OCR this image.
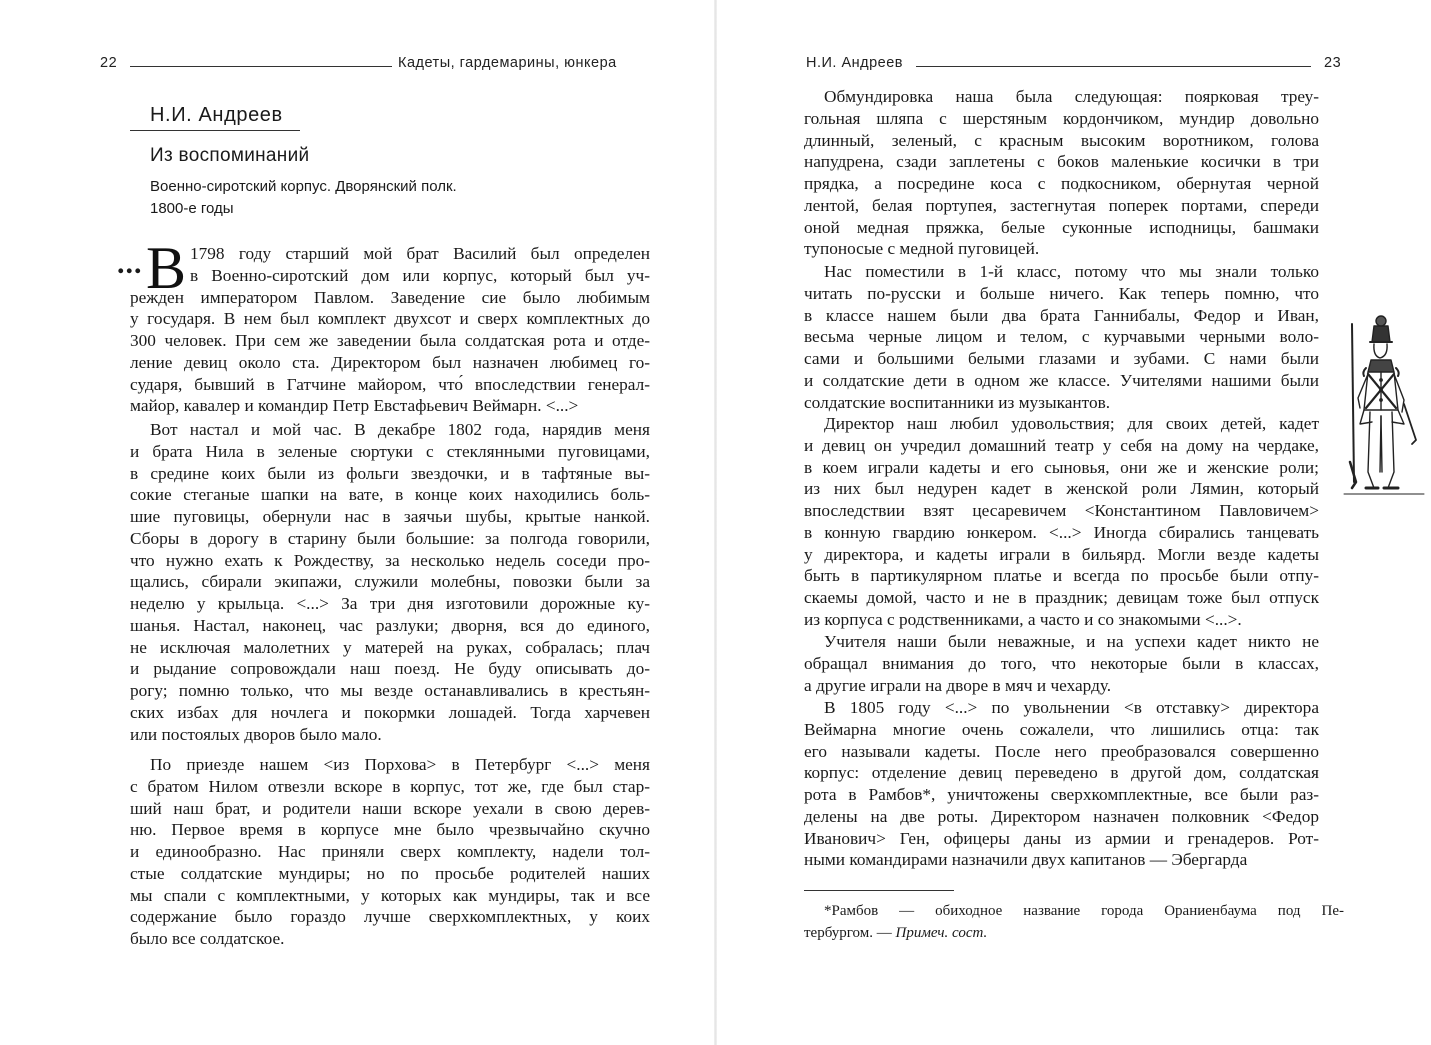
22	Кадеты, гардемарины, юнкера
Н.И. Андреев
Из воспоминаний
Военно-сиротский корпус. Дворянский полк.
1800-е годы
... В 1798 году старший мой брат Василий был определен
в Военно-сиротский дом или корпус, который был уч-
режден императором Павлом. Заведение сие было любимым
у государя. В нем был комплект двухсот и сверх комплектных до
300 человек. При сем же заведении была солдатская рота и отде-
ление девиц около ста. Директором был назначен любимец го-
сударя, бывший в Гатчине майором, что́ впоследствии генерал-
майор, кавалер и командир Петр Евстафьевич Веймарн. <...>
Вот настал и мой час. В декабре 1802 года, нарядив меня
и брата Нила в зеленые сюртуки с стеклянными пуговицами,
в средине коих были из фольги звездочки, и в тафтяные вы-
сокие стеганые шапки на вате, в конце коих находились боль-
шие пуговицы, обернули нас в заячьи шубы, крытые нанкой.
Сборы в дорогу в старину были большие: за полгода говорили,
что нужно ехать к Рождеству, за несколько недель соседи про-
щались, сбирали экипажи, служили молебны, повозки были за
неделю у крыльца. <...> За три дня изготовили дорожные ку-
шанья. Настал, наконец, час разлуки; дворня, вся до единого,
не исключая малолетних у матерей на руках, собралась; плач
и рыдание сопровождали наш поезд. Не буду описывать до-
рогу; помню только, что мы везде останавливались в крестьян-
ских избах для ночлега и покормки лошадей. Тогда харчевен
или постоялых дворов было мало.
По приезде нашем <из Порхова> в Петербург <...> меня
с братом Нилом отвезли вскоре в корпус, тот же, где был стар-
ший наш брат, и родители наши вскоре уехали в свою дерев-
ню. Первое время в корпусе мне было чрезвычайно скучно
и единообразно. Нас приняли сверх комплекту, надели тол-
стые солдатские мундиры; но по просьбе родителей наших
мы спали с комплектными, у которых как мундиры, так и все
содержание было гораздо лучше сверхкомплектных, у коих
было все солдатское.
Н.И. Андреев	23
Обмундировка наша была следующая: поярковая треу-
гольная шляпа с шерстяным кордончиком, мундир довольно
длинный, зеленый, с красным высоким воротником, голова
напудрена, сзади заплетены с боков маленькие косички в три
прядка, а посредине коса с подкосником, обернутая черной
лентой, белая портупея, застегнутая поперек портами, спереди
оной медная пряжка, белые суконные исподницы, башмаки
тупоносые с медной пуговицей.
Нас поместили в 1-й класс, потому что мы знали только
читать по-русски и больше ничего. Как теперь помню, что
в классе нашем были два брата Ганнибалы, Федор и Иван,
весьма черные лицом и телом, с курчавыми черными воло-
сами и большими белыми глазами и зубами. С нами были
и солдатские дети в одном же классе. Учителями нашими были
солдатские воспитанники из музыкантов.
Директор наш любил удовольствия; для своих детей, кадет
и девиц он учредил домашний театр у себя на дому на чердаке,
в коем играли кадеты и его сыновья, они же и женские роли;
из них был недурен кадет в женской роли Лямин, который
впоследствии взят цесаревичем <Константином Павловичем>
в конную гвардию юнкером. <...> Иногда сбирались танцевать
у директора, и кадеты играли в бильярд. Могли везде кадеты
быть в партикулярном платье и всегда по просьбе были отпу-
скаемы домой, часто и не в праздник; девицам тоже был отпуск
из корпуса с родственниками, а часто и со знакомыми <...>.
Учителя наши были неважные, и на успехи кадет никто не
обращал внимания до того, что некоторые были в классах,
а другие играли на дворе в мяч и чехарду.
В 1805 году <...> по увольнении <в отставку> директора
Веймарна многие очень сожалели, что лишились отца: так
его называли кадеты. После него преобразовался совершенно
корпус: отделение девиц переведено в другой дом, солдатская
рота в Рамбов*, уничтожены сверхкомплектные, все были раз-
делены на две роты. Директором назначен полковник <Федор
Иванович> Ген, офицеры даны из армии и гренадеров. Рот-
ными командирами назначили двух капитанов — Эбергарда
*Рамбов — обиходное название города Ораниенбаума под Пе-
тербургом. — Примеч. сост.
